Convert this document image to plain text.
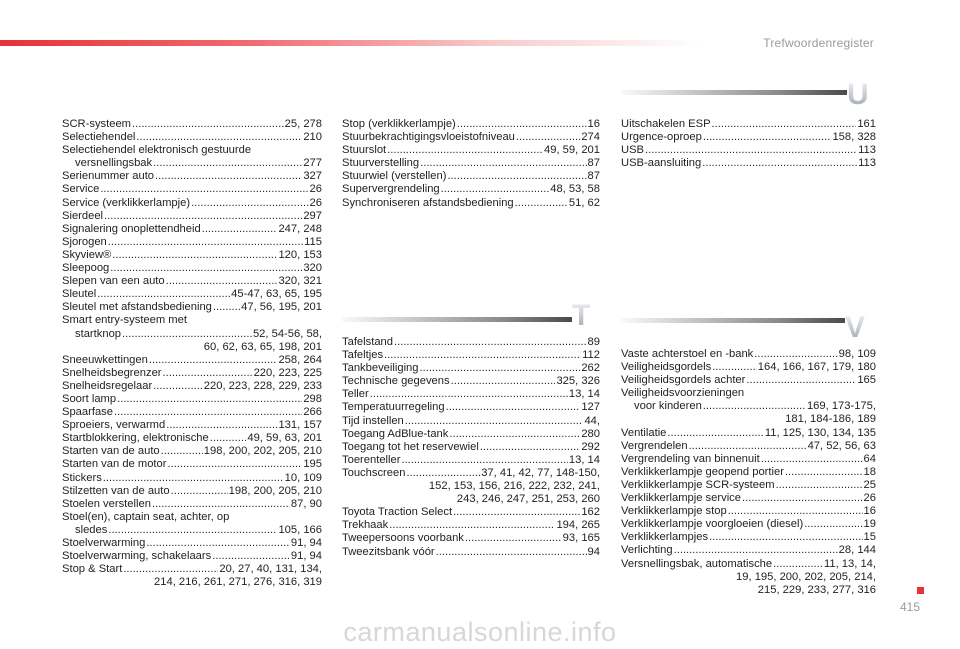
Trefwoordenregister
SCR-systeem .....	25, 278
Selectiehendel .....	210
Selectiehendel elektronisch gestuurde
versnellingsbak .....	277
Serienummer auto .....	327
Service .....	26
Service (verklikkerlampje) .....	26
Sierdeel .....	297
Signalering onoplettendheid .....	247, 248
Sjorogen .....	115
Skyview® .....	120, 153
Sleepoog .....	320
Slepen van een auto .....	320, 321
Sleutel .....	45-47, 63, 65, 195
Sleutel met afstandsbediening .....	47, 56, 195, 201
Smart entry-systeem met
startknop .....	52, 54-56, 58,
60, 62, 63, 65, 198, 201
Sneeuwkettingen .....	258, 264
Snelheidsbegrenzer .....	220, 223, 225
Snelheidsregelaar .....	220, 223, 228, 229, 233
Soort lamp .....	298
Spaarfase .....	266
Sproeiers, verwarmd .....	131, 157
Startblokkering, elektronische .....	49, 59, 63, 201
Starten van de auto .....	198, 200, 202, 205, 210
Starten van de motor .....	195
Stickers .....	10, 109
Stilzetten van de auto .....	198, 200, 205, 210
Stoelen verstellen .....	87, 90
Stoel(en), captain seat, achter, op
sledes .....	105, 166
Stoelverwarming .....	91, 94
Stoelverwarming, schakelaars .....	91, 94
Stop & Start .....	20, 27, 40, 131, 134,
214, 216, 261, 271, 276, 316, 319
Stop (verklikkerlampje) .....	16
Stuurbekrachtigingsvloeistofniveau .....	274
Stuurslot .....	49, 59, 201
Stuurverstelling .....	87
Stuurwiel (verstellen) .....	87
Supervergrendeling .....	48, 53, 58
Synchroniseren afstandsbediening .....	51, 62
T
Tafelstand .....	89
Tafeltjes .....	112
Tankbeveiliging .....	262
Technische gegevens .....	325, 326
Teller .....	13, 14
Temperatuurregeling .....	127
Tijd instellen .....	44,
Toegang AdBlue-tank .....	280
Toegang tot het reservewiel .....	292
Toerenteller .....	13, 14
Touchscreen .....	37, 41, 42, 77, 148-150,
152, 153, 156, 216, 222, 232, 241,
243, 246, 247, 251, 253, 260
Toyota Traction Select .....	162
Trekhaak .....	194, 265
Tweepersoons voorbank .....	93, 165
Tweezitsbank vóór .....	94
U
Uitschakelen ESP .....	161
Urgence-oproep .....	158, 328
USB .....	113
USB-aansluiting .....	113
V
Vaste achterstoel en -bank .....	98, 109
Veiligheidsgordels .....	164, 166, 167, 179, 180
Veiligheidsgordels achter .....	165
Veiligheidsvoorzieningen
voor kinderen .....	169, 173-175,
181, 184-186, 189
Ventilatie .....	11, 125, 130, 134, 135
Vergrendelen .....	47, 52, 56, 63
Vergrendeling van binnenuit .....	64
Verklikkerlampje geopend portier .....	18
Verklikkerlampje SCR-systeem .....	25
Verklikkerlampje service .....	26
Verklikkerlampje stop .....	16
Verklikkerlampje voorgloeien (diesel) .....	19
Verklikkerlampjes .....	15
Verlichting .....	28, 144
Versnellingsbak, automatische .....	11, 13, 14,
19, 195, 200, 202, 205, 214,
215, 229, 233, 277, 316
415
carmanualsonline.info
